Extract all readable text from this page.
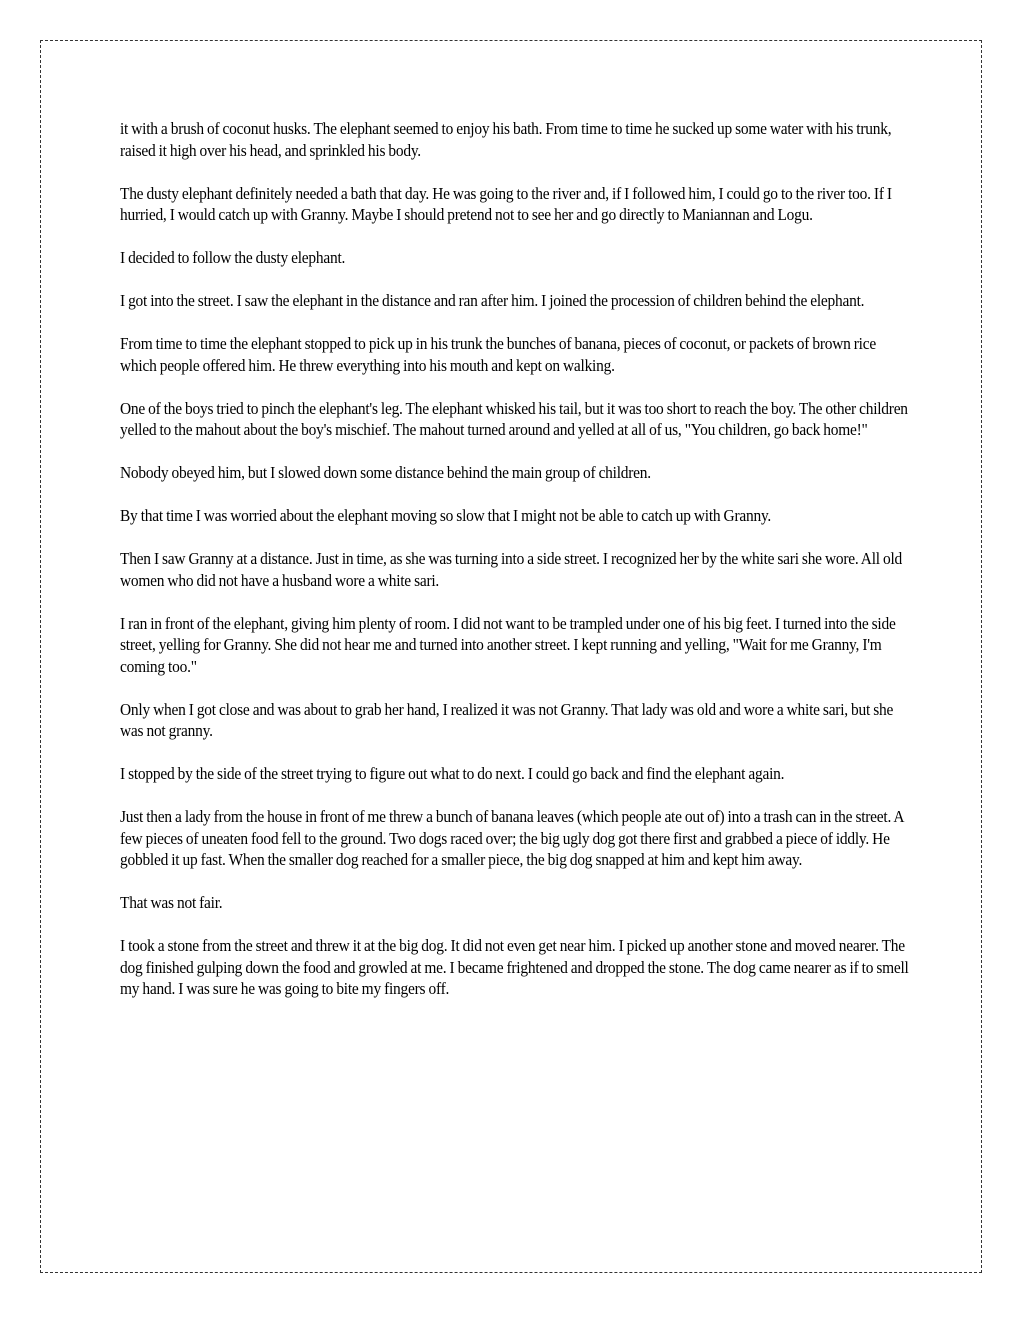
it with a brush of coconut husks. The elephant seemed to enjoy his bath. From time to time he sucked up some water with his trunk, raised it high over his head, and sprinkled his body.

The dusty elephant definitely needed a bath that day. He was going to the river and, if I followed him, I could go to the river too. If I hurried, I would catch up with Granny. Maybe I should pretend not to see her and go directly to Maniannan and Logu.

I decided to follow the dusty elephant.

I got into the street. I saw the elephant in the distance and ran after him. I joined the procession of children behind the elephant.

From time to time the elephant stopped to pick up in his trunk the bunches of banana, pieces of coconut, or packets of brown rice which people offered him. He threw everything into his mouth and kept on walking.

One of the boys tried to pinch the elephant's leg. The elephant whisked his tail, but it was too short to reach the boy. The other children yelled to the mahout about the boy's mischief. The mahout turned around and yelled at all of us, "You children, go back home!"

Nobody obeyed him, but I slowed down some distance behind the main group of children.

By that time I was worried about the elephant moving so slow that I might not be able to catch up with Granny.

Then I saw Granny at a distance. Just in time, as she was turning into a side street. I recognized her by the white sari she wore. All old women who did not have a husband wore a white sari.

I ran in front of the elephant, giving him plenty of room. I did not want to be trampled under one of his big feet. I turned into the side street, yelling for Granny. She did not hear me and turned into another street. I kept running and yelling, "Wait for me Granny, I'm coming too."

Only when I got close and was about to grab her hand, I realized it was not Granny. That lady was old and wore a white sari, but she was not granny.

I stopped by the side of the street trying to figure out what to do next. I could go back and find the elephant again.

Just then a lady from the house in front of me threw a bunch of banana leaves (which people ate out of) into a trash can in the street. A few pieces of uneaten food fell to the ground. Two dogs raced over; the big ugly dog got there first and grabbed a piece of iddly. He gobbled it up fast. When the smaller dog reached for a smaller piece, the big dog snapped at him and kept him away.

That was not fair.

I took a stone from the street and threw it at the big dog. It did not even get near him. I picked up another stone and moved nearer. The dog finished gulping down the food and growled at me. I became frightened and dropped the stone. The dog came nearer as if to smell my hand. I was sure he was going to bite my fingers off.
